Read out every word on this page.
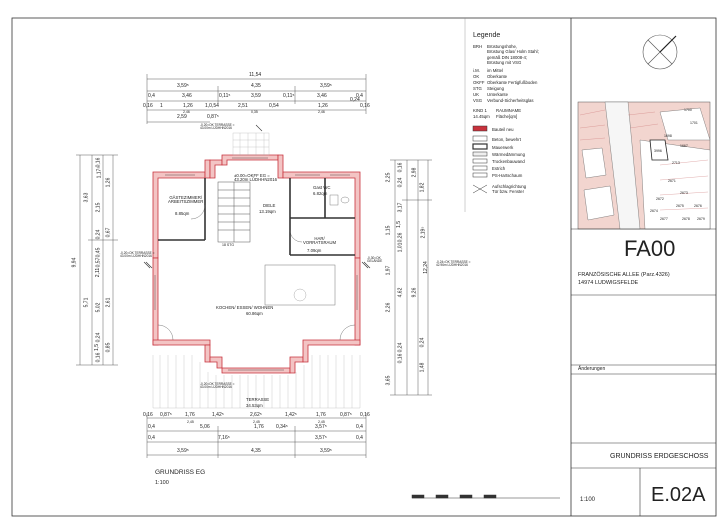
Legende
BRH Brüstungshöhe,
Brüstung Glas/ Holm Stahl;
gemäß DIN 18008-4;
Brüstung mit VSG
i.M. im Mittel
OK Oberkante
OKFF Oberkante Fertigfußboden
STG Steigung
UK Unterkante
VSG Verbund-Sicherheitsglas
KIND 1
14.45qm
RAUMNAME
Fläche[qm]
Bauteil neu
Beton, bewehrt
Mauerwerk
Wärmedämmung
Trockenbauwand
Estrich
PS-Hartschaum
Aufschlagrichtung
Tür bzw. Fenster
FA00
FRANZÖSISCHE ALLEE (Parz.4326)
14974 LUDWIGSFELDE
Änderungen
GRUNDRISS ERDGESCHOSS
1:100	E.02A
GRUNDRISS EG
1:100
GÄSTEZIMMER/
ARBEITSZIMMER
8.85qm
DIELE
13.19qm
Gast WC
6.82qm
HAR/
VORRATSRAUM
7.09qm
KOCHEN/ ESSEN/ WOHNEN
60.86qm
TERRASSE
34.53qm
±0.00=OKFF EG =
43.20m LÜDHHN2016
-0.20=OK TERRASSE =
43.00m LÜDHHN2016
-0.20=OK TERRASSE =
43.00m LÜDHHN2016
-0.20=OK TERRASSE =
43.00m LÜDHHN2016
-0.30=OK
GELÄNDE	-0.24=OK TERRASSE =
42.96m LÜDHHN2016
11,54
3,59⁵	4,35	3,59⁵
0,4	3,46	0,11⁵	3,59	0,11⁵	3,46	0,4
0,16 1	1,26 1,0,54	2,51	0,54	1,26
0,24
0,16
2,46	0,35	2,46
2,59	0,87⁵
0,16 0,87⁵	1,76	1,42⁵	2,62⁵	1,42⁵	1,76	0,87⁵ 0,16
2,45	2,45	2,45
0,4	5,06	1,76 0,34⁵	3,57⁵	0,4
0,4	7,16⁵	3,57⁵	0,4
3,59⁵	4,35	3,59⁵
9,94
3,63
5,71
0,16
1,17⁵
2,15
0,24
0,45
0,57
2,11
5,02
0,24
1,5
0,16
1,26
0,67
2,61
0,85
12,24
2,98
9,26
2,25
0,24
0,16
1,15
3,17
1,5
0,26
1,97
1,01
4,62
2,26
0,24
3,65
0,16
1,82
2,19⁵
0,24
1,48
18 STG
1700
1701
1698
1667
3996
2713
2671
2672
2673
2674
2675	2676
2677	2678 2679
